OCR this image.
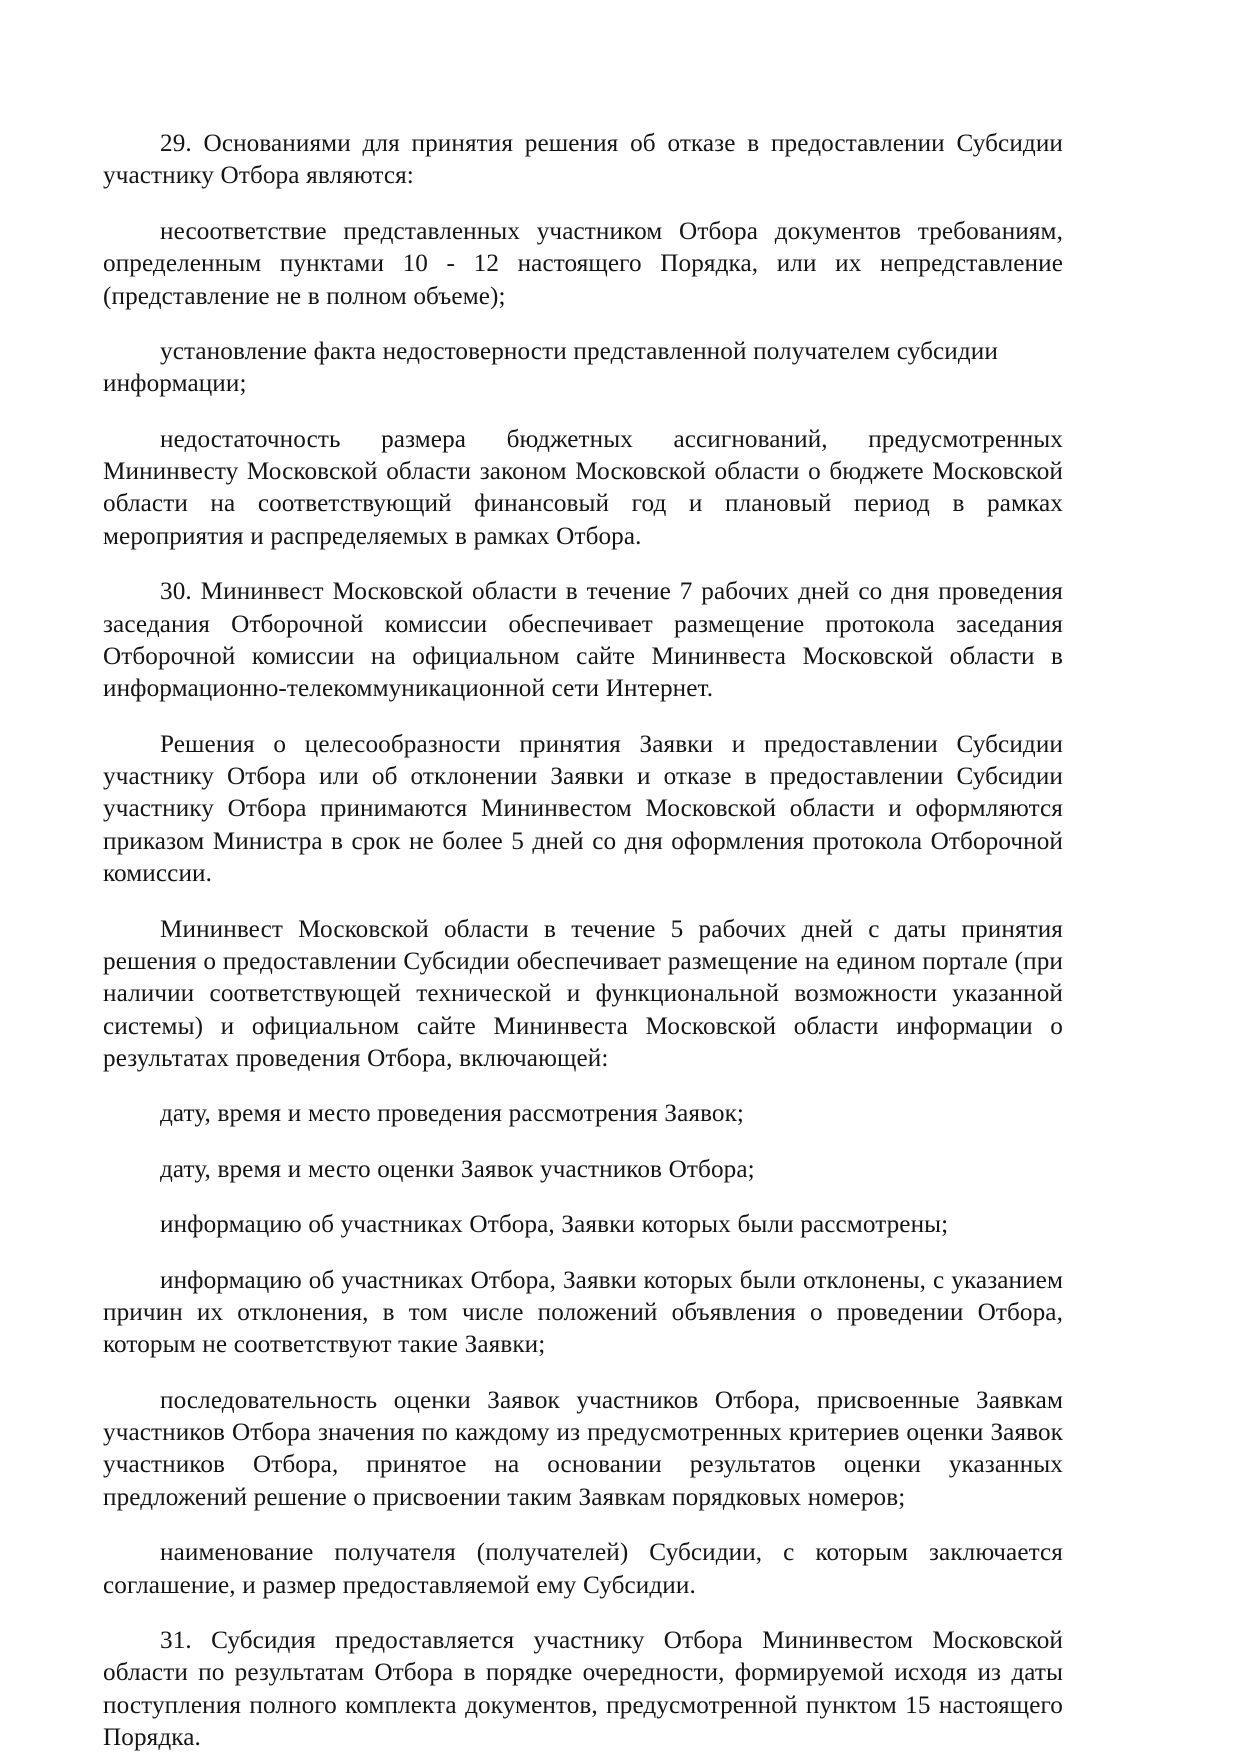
29. Основаниями для принятия решения об отказе в предоставлении Субсидии участнику Отбора являются:

несоответствие представленных участником Отбора документов требованиям, определенным пунктами 10 - 12 настоящего Порядка, или их непредставление (представление не в полном объеме);

установление факта недостоверности представленной получателем субсидии информации;

недостаточность размера бюджетных ассигнований, предусмотренных Мининвесту Московской области законом Московской области о бюджете Московской области на соответствующий финансовый год и плановый период в рамках мероприятия и распределяемых в рамках Отбора.

30. Мининвест Московской области в течение 7 рабочих дней со дня проведения заседания Отборочной комиссии обеспечивает размещение протокола заседания Отборочной комиссии на официальном сайте Мининвеста Московской области в информационно-телекоммуникационной сети Интернет.

Решения о целесообразности принятия Заявки и предоставлении Субсидии участнику Отбора или об отклонении Заявки и отказе в предоставлении Субсидии участнику Отбора принимаются Мининвестом Московской области и оформляются приказом Министра в срок не более 5 дней со дня оформления протокола Отборочной комиссии.

Мининвест Московской области в течение 5 рабочих дней с даты принятия решения о предоставлении Субсидии обеспечивает размещение на едином портале (при наличии соответствующей технической и функциональной возможности указанной системы) и официальном сайте Мининвеста Московской области информации о результатах проведения Отбора, включающей:

дату, время и место проведения рассмотрения Заявок;

дату, время и место оценки Заявок участников Отбора;

информацию об участниках Отбора, Заявки которых были рассмотрены;

информацию об участниках Отбора, Заявки которых были отклонены, с указанием причин их отклонения, в том числе положений объявления о проведении Отбора, которым не соответствуют такие Заявки;

последовательность оценки Заявок участников Отбора, присвоенные Заявкам участников Отбора значения по каждому из предусмотренных критериев оценки Заявок участников Отбора, принятое на основании результатов оценки указанных предложений решение о присвоении таким Заявкам порядковых номеров;

наименование получателя (получателей) Субсидии, с которым заключается соглашение, и размер предоставляемой ему Субсидии.

31. Субсидия предоставляется участнику Отбора Мининвестом Московской области по результатам Отбора в порядке очередности, формируемой исходя из даты поступления полного комплекта документов, предусмотренной пунктом 15 настоящего Порядка.
